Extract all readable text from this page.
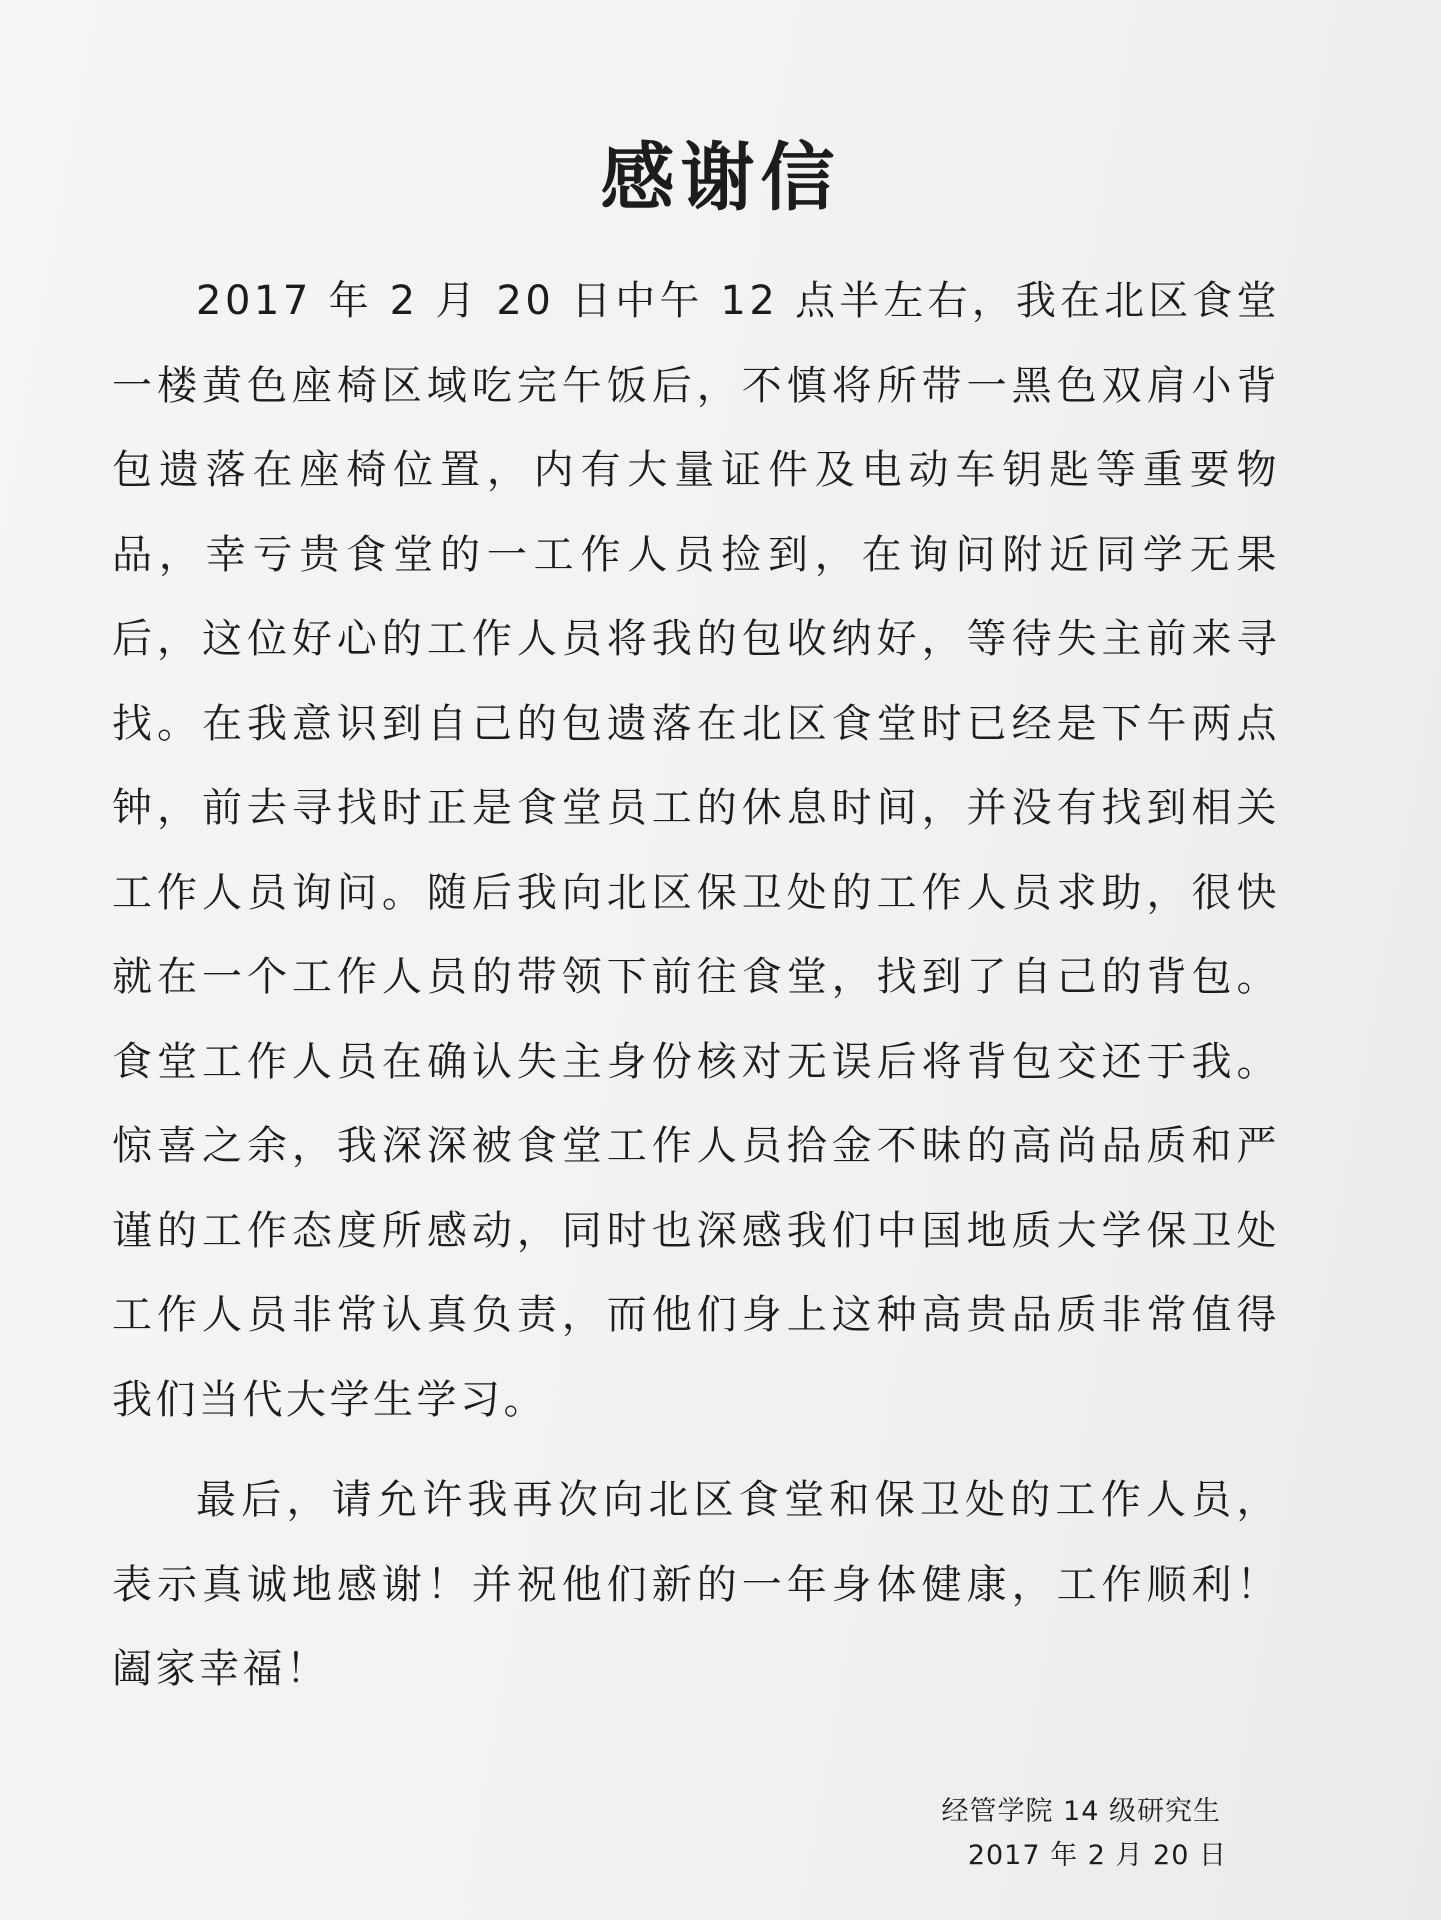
感谢信

2017 年 2 月 20 日中午 12 点半左右，我在北区食堂一楼黄色座椅区域吃完午饭后，不慎将所带一黑色双肩小背包遗落在座椅位置，内有大量证件及电动车钥匙等重要物品，幸亏贵食堂的一工作人员捡到，在询问附近同学无果后，这位好心的工作人员将我的包收纳好，等待失主前来寻找。在我意识到自己的包遗落在北区食堂时已经是下午两点钟，前去寻找时正是食堂员工的休息时间，并没有找到相关工作人员询问。随后我向北区保卫处的工作人员求助，很快就在一个工作人员的带领下前往食堂，找到了自己的背包。食堂工作人员在确认失主身份核对无误后将背包交还于我。惊喜之余，我深深被食堂工作人员拾金不昧的高尚品质和严谨的工作态度所感动，同时也深感我们中国地质大学保卫处工作人员非常认真负责，而他们身上这种高贵品质非常值得我们当代大学生学习。

最后，请允许我再次向北区食堂和保卫处的工作人员，表示真诚地感谢！并祝他们新的一年身体健康，工作顺利！阖家幸福！

经管学院 14 级研究生
2017 年 2 月 20 日
